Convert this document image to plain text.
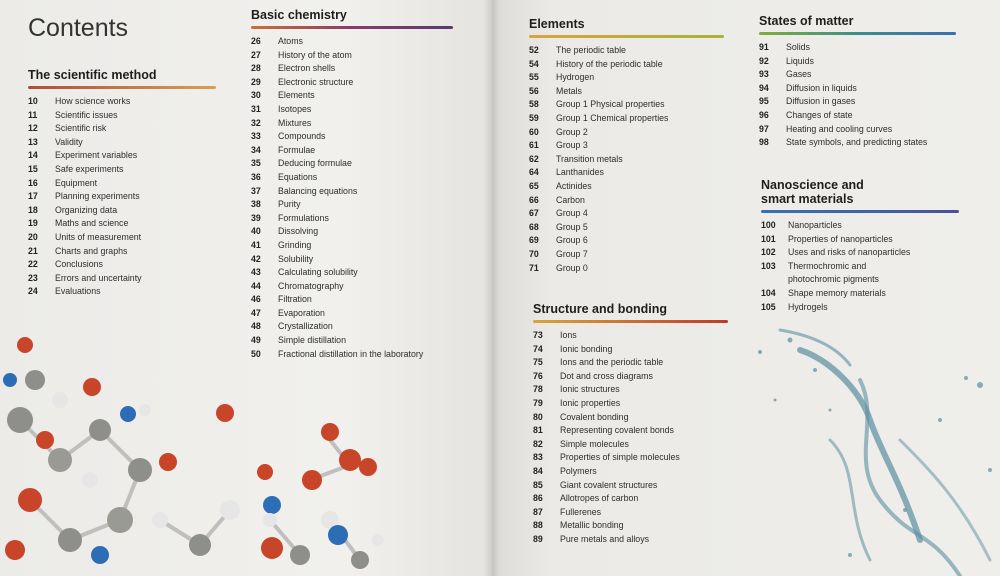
Contents
The scientific method
10	How science works
11	Scientific issues
12	Scientific risk
13	Validity
14	Experiment variables
15	Safe experiments
16	Equipment
17	Planning experiments
18	Organizing data
19	Maths and science
20	Units of measurement
21	Charts and graphs
22	Conclusions
23	Errors and uncertainty
24	Evaluations
Basic chemistry
26	Atoms
27	History of the atom
28	Electron shells
29	Electronic structure
30	Elements
31	Isotopes
32	Mixtures
33	Compounds
34	Formulae
35	Deducing formulae
36	Equations
37	Balancing equations
38	Purity
39	Formulations
40	Dissolving
41	Grinding
42	Solubility
43	Calculating solubility
44	Chromatography
46	Filtration
47	Evaporation
48	Crystallization
49	Simple distillation
50	Fractional distillation in the laboratory
Elements
52	The periodic table
54	History of the periodic table
55	Hydrogen
56	Metals
58	Group 1 Physical properties
59	Group 1 Chemical properties
60	Group 2
61	Group 3
62	Transition metals
64	Lanthanides
65	Actinides
66	Carbon
67	Group 4
68	Group 5
69	Group 6
70	Group 7
71	Group 0
Structure and bonding
73	Ions
74	Ionic bonding
75	Ions and the periodic table
76	Dot and cross diagrams
78	Ionic structures
79	Ionic properties
80	Covalent bonding
81	Representing covalent bonds
82	Simple molecules
83	Properties of simple molecules
84	Polymers
85	Giant covalent structures
86	Allotropes of carbon
87	Fullerenes
88	Metallic bonding
89	Pure metals and alloys
States of matter
91	Solids
92	Liquids
93	Gases
94	Diffusion in liquids
95	Diffusion in gases
96	Changes of state
97	Heating and cooling curves
98	State symbols, and predicting states
Nanoscience and
smart materials
100	Nanoparticles
101	Properties of nanoparticles
102	Uses and risks of nanoparticles
103	Thermochromic and
photochromic pigments
104	Shape memory materials
105	Hydrogels
